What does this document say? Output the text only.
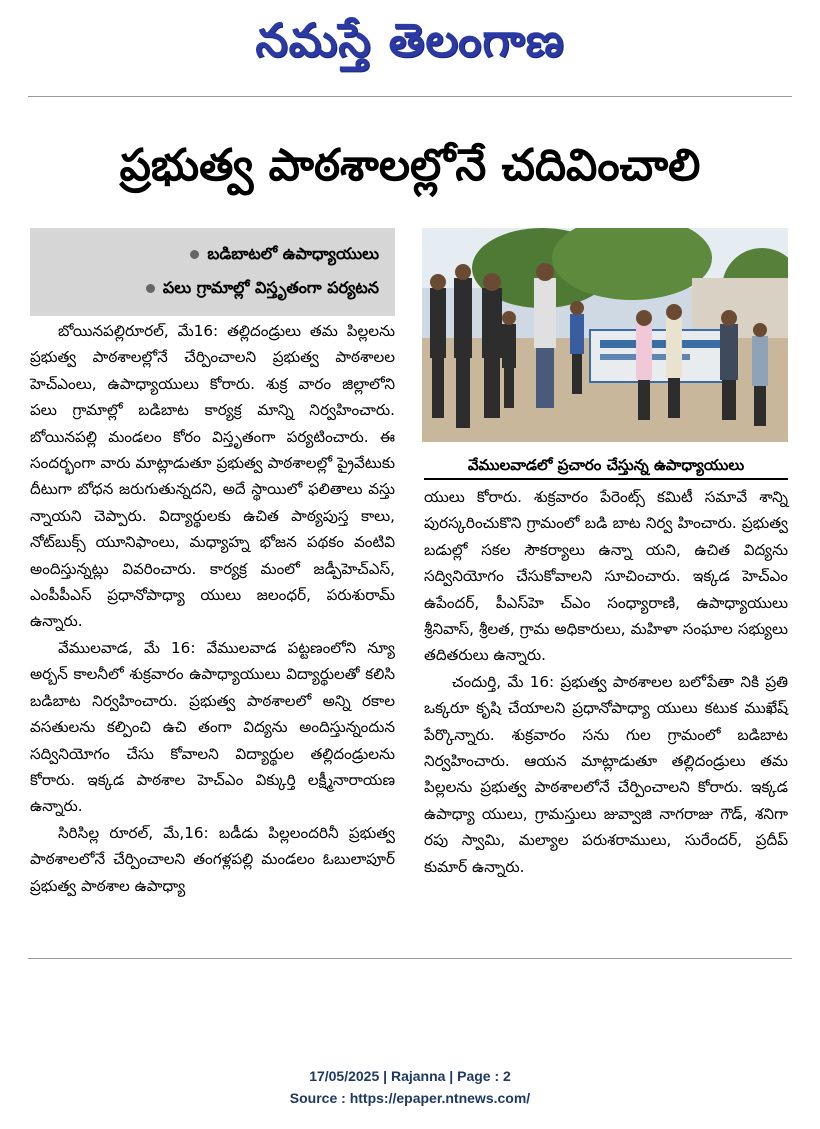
నమస్తే తెలంగాణ
ప్రభుత్వ పాఠశాలల్లోనే చదివించాలి
బడిబాటలో ఉపాధ్యాయులు
పలు గ్రామాల్లో విస్తృతంగా పర్యటన

బోయినపల్లిరూరల్‌, మే16: తల్లిదండ్రులు తమ పిల్లలను ప్రభుత్వ పాఠశాలల్లోనే చేర్పించాలని ప్రభుత్వ పాఠశాలల హెచ్‌ఎంలు, ఉపాధ్యాయులు కోరారు. శుక్ర వారం జిల్లాలోని పలు గ్రామాల్లో బడిబాట కార్యక్ర మాన్ని నిర్వహించారు. బోయినపల్లి మండలం కోరం విస్తృతంగా పర్యటించారు. ఈ సందర్భంగా వారు మాట్లాడుతూ ప్రభుత్వ పాఠశాలల్లో ప్రైవేటుకు దీటుగా బోధన జరుగుతున్నదని, అదే స్థాయిలో ఫలితాలు వస్తు న్నాయని చెప్పారు. విద్యార్థులకు ఉచిత పాఠ్యపుస్త కాలు, నోట్‌బుక్స్‌ యూనిఫాంలు, మధ్యాహ్న భోజన పథకం వంటివి అందిస్తున్నట్లు వివరించారు. కార్యక్ర మంలో జడ్పీహెచ్‌ఎస్‌, ఎంపీపీఎస్‌ ప్రధానోపాధ్యా యులు జలంధర్‌, పరుశురామ్‌ ఉన్నారు.

వేములవాడ, మే 16: వేములవాడ పట్టణంలోని న్యూ అర్బన్‌ కాలనీలో శుక్రవారం ఉపాధ్యాయులు విద్యార్థులతో కలిసి బడిబాట నిర్వహించారు. ప్రభుత్వ పాఠశాలలో అన్ని రకాల వసతులను కల్పించి ఉచి తంగా విద్యను అందిస్తున్నందున సద్వినియోగం చేసు కోవాలని విద్యార్థుల తల్లిదండ్రులను కోరారు. ఇక్కడ పాఠశాల హెచ్‌ఎం విక్కుర్తి లక్ష్మీనారాయణ ఉన్నారు.

సిరిసిల్ల రూరల్‌, మే,16: బడీడు పిల్లలందరినీ ప్రభుత్వ పాఠశాలలోనే చేర్పించాలని తంగళ్లపల్లి మండలం ఓబులాపూర్‌ ప్రభుత్వ పాఠశాల ఉపాధ్యా

వేములవాడలో ప్రచారం చేస్తున్న ఉపాధ్యాయులు

యులు కోరారు. శుక్రవారం పేరెంట్స్‌ కమిటీ సమావే శాన్ని పురస్కరించుకొని గ్రామంలో బడి బాట నిర్వ హించారు. ప్రభుత్వ బడుల్లో సకల సౌకర్యాలు ఉన్నా యని, ఉచిత విద్యను సద్వినియోగం చేసుకోవాలని సూచించారు. ఇక్కడ హెచ్‌ఎం ఉపేందర్‌, పీఎస్‌హె చ్‌ఎం సంధ్యారాణి, ఉపాధ్యాయులు శ్రీనివాస్‌, శ్రీలత, గ్రామ అధికారులు, మహిళా సంఘాల సభ్యులు తదితరులు ఉన్నారు.

చందుర్తి, మే 16: ప్రభుత్వ పాఠశాలల బలోపేతా నికి ప్రతి ఒక్కరూ కృషి చేయాలని ప్రధానోపాధ్యా యులు కటుక ముఖేష్‌ పేర్కొన్నారు. శుక్రవారం సను గుల గ్రామంలో బడిబాట నిర్వహించారు. ఆయన మాట్లాడుతూ తల్లిదండ్రులు తమ పిల్లలను ప్రభుత్వ పాఠశాలలోనే చేర్పించాలని కోరారు. ఇక్కడ ఉపాధ్యా యులు, గ్రామస్తులు జువ్వాజి నాగరాజు గౌడ్‌, శనిగా రపు స్వామి, మల్యాల పరుశరాములు, సురేందర్‌, ప్రదీప్‌ కుమార్‌ ఉన్నారు.

17/05/2025 | Rajanna | Page : 2
Source : https://epaper.ntnews.com/
